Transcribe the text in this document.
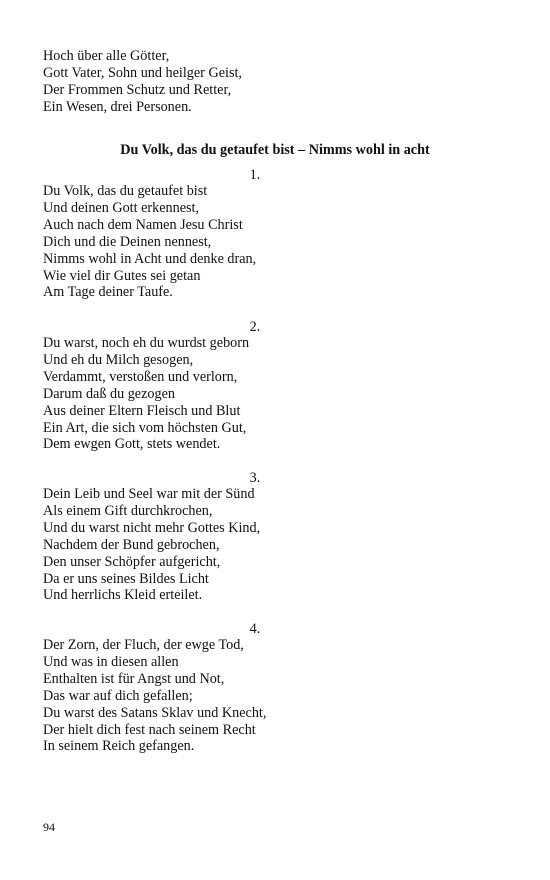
Hoch über alle Götter,
Gott Vater, Sohn und heilger Geist,
Der Frommen Schutz und Retter,
Ein Wesen, drei Personen.
Du Volk, das du getaufet bist – Nimms wohl in acht
1.
Du Volk, das du getaufet bist
Und deinen Gott erkennest,
Auch nach dem Namen Jesu Christ
Dich und die Deinen nennest,
Nimms wohl in Acht und denke dran,
Wie viel dir Gutes sei getan
Am Tage deiner Taufe.
2.
Du warst, noch eh du wurdst geborn
Und eh du Milch gesogen,
Verdammt, verstoßen und verlorn,
Darum daß du gezogen
Aus deiner Eltern Fleisch und Blut
Ein Art, die sich vom höchsten Gut,
Dem ewgen Gott, stets wendet.
3.
Dein Leib und Seel war mit der Sünd
Als einem Gift durchkrochen,
Und du warst nicht mehr Gottes Kind,
Nachdem der Bund gebrochen,
Den unser Schöpfer aufgericht,
Da er uns seines Bildes Licht
Und herrlichs Kleid erteilet.
4.
Der Zorn, der Fluch, der ewge Tod,
Und was in diesen allen
Enthalten ist für Angst und Not,
Das war auf dich gefallen;
Du warst des Satans Sklav und Knecht,
Der hielt dich fest nach seinem Recht
In seinem Reich gefangen.
94
